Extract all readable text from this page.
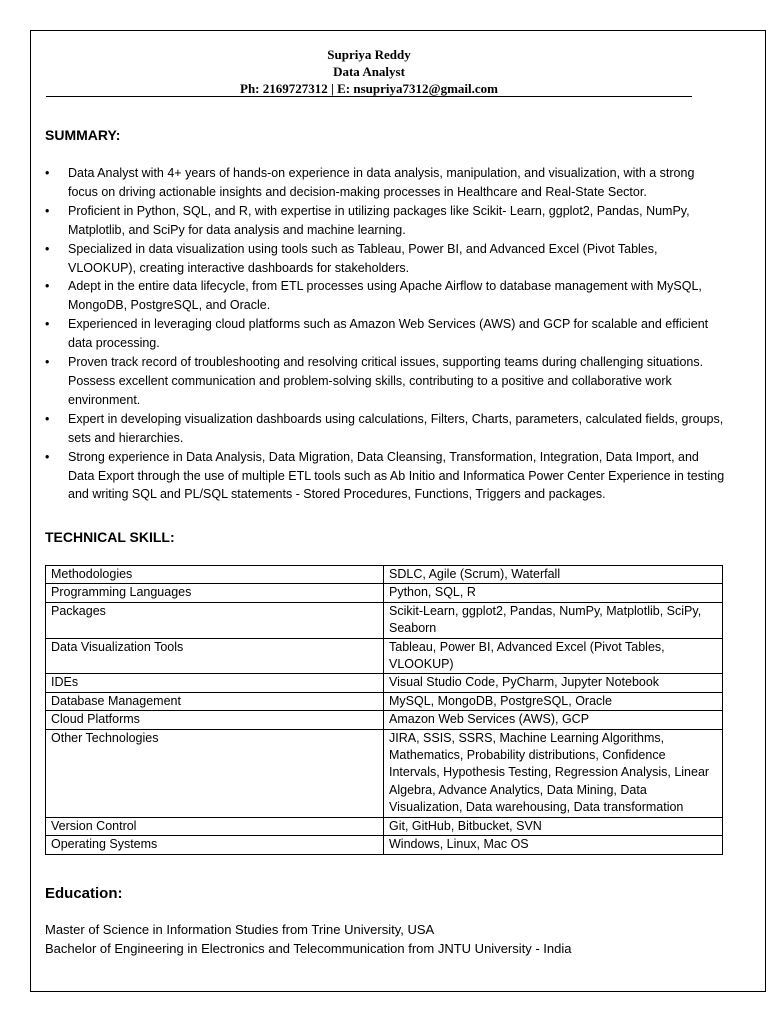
Supriya Reddy
Data Analyst
Ph: 2169727312 | E: nsupriya7312@gmail.com
SUMMARY:
• Data Analyst with 4+ years of hands-on experience in data analysis, manipulation, and visualization, with a strong focus on driving actionable insights and decision-making processes in Healthcare and Real-State Sector.
• Proficient in Python, SQL, and R, with expertise in utilizing packages like Scikit- Learn, ggplot2, Pandas, NumPy, Matplotlib, and SciPy for data analysis and machine learning.
• Specialized in data visualization using tools such as Tableau, Power BI, and Advanced Excel (Pivot Tables, VLOOKUP), creating interactive dashboards for stakeholders.
• Adept in the entire data lifecycle, from ETL processes using Apache Airflow to database management with MySQL, MongoDB, PostgreSQL, and Oracle.
• Experienced in leveraging cloud platforms such as Amazon Web Services (AWS) and GCP for scalable and efficient data processing.
• Proven track record of troubleshooting and resolving critical issues, supporting teams during challenging situations. Possess excellent communication and problem-solving skills, contributing to a positive and collaborative work environment.
• Expert in developing visualization dashboards using calculations, Filters, Charts, parameters, calculated fields, groups, sets and hierarchies.
• Strong experience in Data Analysis, Data Migration, Data Cleansing, Transformation, Integration, Data Import, and Data Export through the use of multiple ETL tools such as Ab Initio and Informatica Power Center Experience in testing and writing SQL and PL/SQL statements - Stored Procedures, Functions, Triggers and packages.
TECHNICAL SKILL:
Methodologies	SDLC, Agile (Scrum), Waterfall
Programming Languages	Python, SQL, R
Packages	Scikit-Learn, ggplot2, Pandas, NumPy, Matplotlib, SciPy, Seaborn
Data Visualization Tools	Tableau, Power BI, Advanced Excel (Pivot Tables, VLOOKUP)
IDEs	Visual Studio Code, PyCharm, Jupyter Notebook
Database Management	MySQL, MongoDB, PostgreSQL, Oracle
Cloud Platforms	Amazon Web Services (AWS), GCP
Other Technologies	JIRA, SSIS, SSRS, Machine Learning Algorithms, Mathematics, Probability distributions, Confidence Intervals, Hypothesis Testing, Regression Analysis, Linear Algebra, Advance Analytics, Data Mining, Data Visualization, Data warehousing, Data transformation
Version Control	Git, GitHub, Bitbucket, SVN
Operating Systems	Windows, Linux, Mac OS
Education:
Master of Science in Information Studies from Trine University, USA
Bachelor of Engineering in Electronics and Telecommunication from JNTU University - India
